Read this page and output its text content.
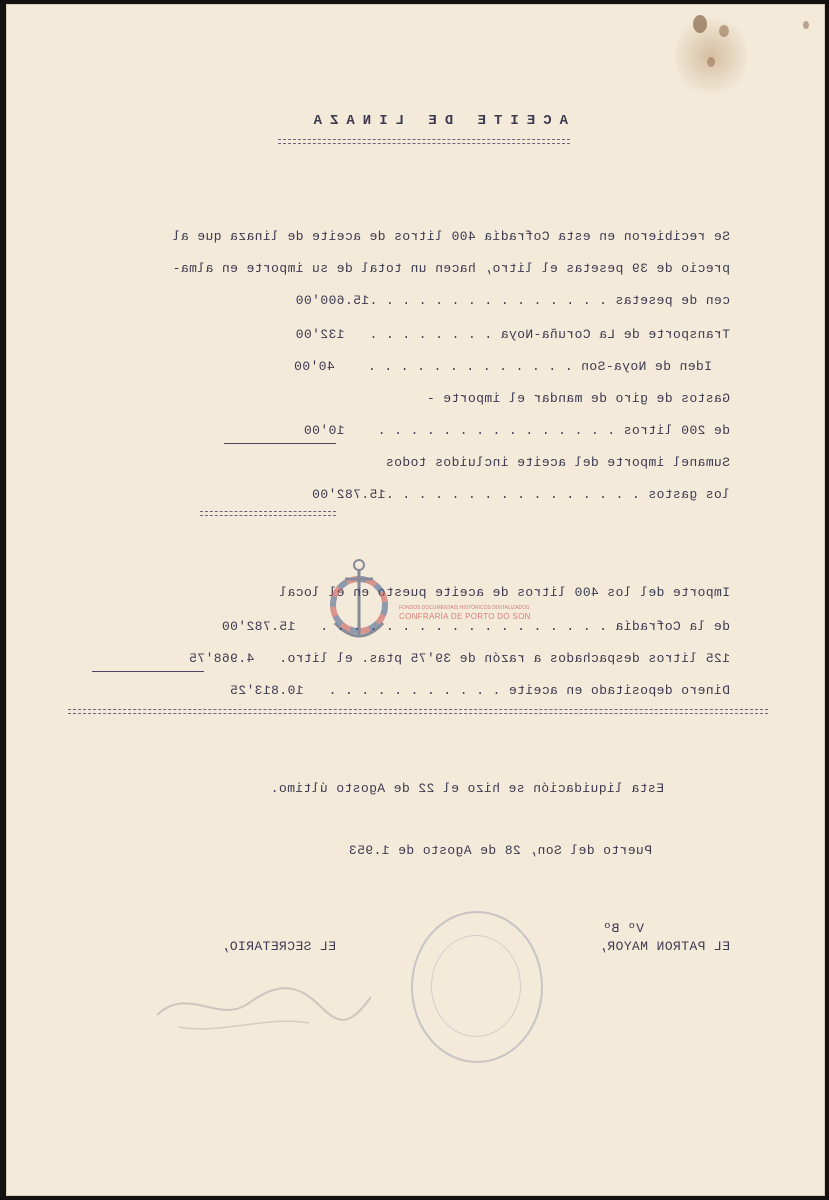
ACEITE DE LINAZA
Se recibieron en esta Cofradía 400 litros de aceite de linaza que al
precio de 39 pesetas el litro, hacen un total de su importe en alma-
cen de pesetas . . . . . . . . . . . . . . .15.600'00
Transporte de La Coruña-Noya . . . . . . . .   132'00
Iden de Noya-Son . . . . . . . . . . . . .    40'00
Gastos de giro de mandar el importe -
de 200 litros . . . . . . . . . . . . . . .    10'00
Sumanel importe del aceite incluidos todos
los gastos . . . . . . . . . . . . . . . .15.782'00
Importe del los 400 litros de aceite puesto en el local
de la Cofradía . . . . . . . . . . . . . . . . . .   15.782'00
125 litros despachados a razón de 39'75 ptas. el litro.   4.968'75
Dinero depositado en aceite . . . . . . . . . . .   10.813'25
Esta liquidación se hizo el 22 de Agosto último.
Puerto del Son, 28 de Agosto de 1.953
Vº Bº
EL PATRON MAYOR,
EL SECRETARIO,
FONDOS DOCUMENTAIS HISTÓRICOS DIXITALIZADOS
CONFRARÍA DE PORTO DO SON
